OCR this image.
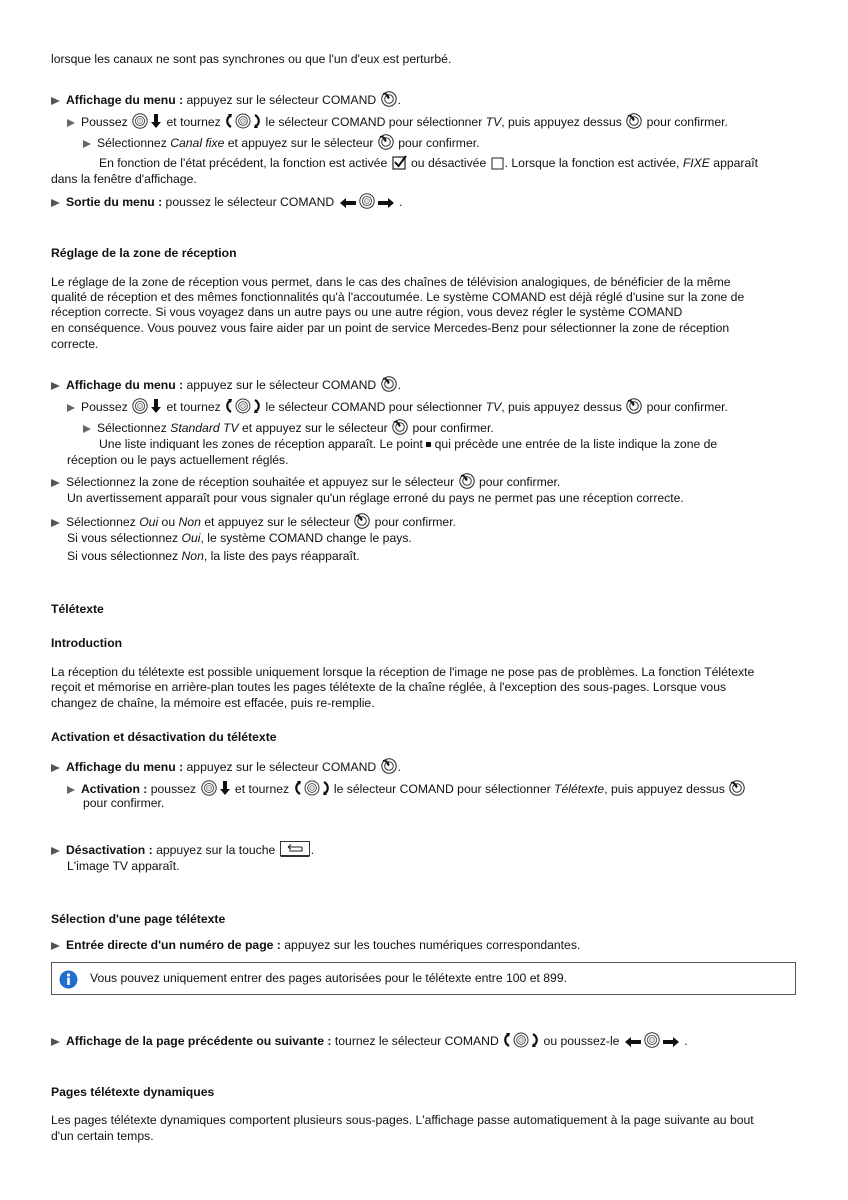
lorsque les canaux ne sont pas synchrones ou que l'un d'eux est perturbé.
Affichage du menu : appuyez sur le sélecteur COMAND .
Poussez	et tournez	le sélecteur COMAND pour sélectionner TV, puis appuyez dessus  pour confirmer.
Sélectionnez Canal fixe et appuyez sur le sélecteur  pour confirmer.
En fonction de l'état précédent, la fonction est activée  ou désactivée . Lorsque la fonction est activée, FIXE apparaît
dans la fenêtre d'affichage.
Sortie du menu : poussez le sélecteur COMAND	.
Réglage de la zone de réception
Le réglage de la zone de réception vous permet, dans le cas des chaînes de télévision analogiques, de bénéficier de la même
qualité de réception et des mêmes fonctionnalités qu'à l'accoutumée. Le système COMAND est déjà réglé d'usine sur la zone de
réception correcte. Si vous voyagez dans un autre pays ou une autre région, vous devez régler le système COMAND
en conséquence. Vous pouvez vous faire aider par un point de service Mercedes-Benz pour sélectionner la zone de réception
correcte.
Affichage du menu : appuyez sur le sélecteur COMAND .
Poussez	et tournez	le sélecteur COMAND pour sélectionner TV, puis appuyez dessus  pour confirmer.
Sélectionnez Standard TV et appuyez sur le sélecteur  pour confirmer.
Une liste indiquant les zones de réception apparaît. Le point  qui précède une entrée de la liste indique la zone de
réception ou le pays actuellement réglés.
Sélectionnez la zone de réception souhaitée et appuyez sur le sélecteur  pour confirmer.
Un avertissement apparaît pour vous signaler qu'un réglage erroné du pays ne permet pas une réception correcte.
Sélectionnez Oui ou Non et appuyez sur le sélecteur  pour confirmer.
Si vous sélectionnez Oui, le système COMAND change le pays.
Si vous sélectionnez Non, la liste des pays réapparaît.
Télétexte
Introduction
La réception du télétexte est possible uniquement lorsque la réception de l'image ne pose pas de problèmes. La fonction Télétexte
reçoit et mémorise en arrière-plan toutes les pages télétexte de la chaîne réglée, à l'exception des sous-pages. Lorsque vous
changez de chaîne, la mémoire est effacée, puis re-remplie.
Activation et désactivation du télétexte
Affichage du menu : appuyez sur le sélecteur COMAND .
Activation : poussez	et tournez	le sélecteur COMAND pour sélectionner Télétexte, puis appuyez dessus
pour confirmer.
Désactivation : appuyez sur la touche	.
L'image TV apparaît.
Sélection d'une page télétexte
Entrée directe d'un numéro de page : appuyez sur les touches numériques correspondantes.
Vous pouvez uniquement entrer des pages autorisées pour le télétexte entre 100 et 899.
Affichage de la page précédente ou suivante : tournez le sélecteur COMAND	ou poussez-le	.
Pages télétexte dynamiques
Les pages télétexte dynamiques comportent plusieurs sous-pages. L'affichage passe automatiquement à la page suivante au bout
d'un certain temps.
